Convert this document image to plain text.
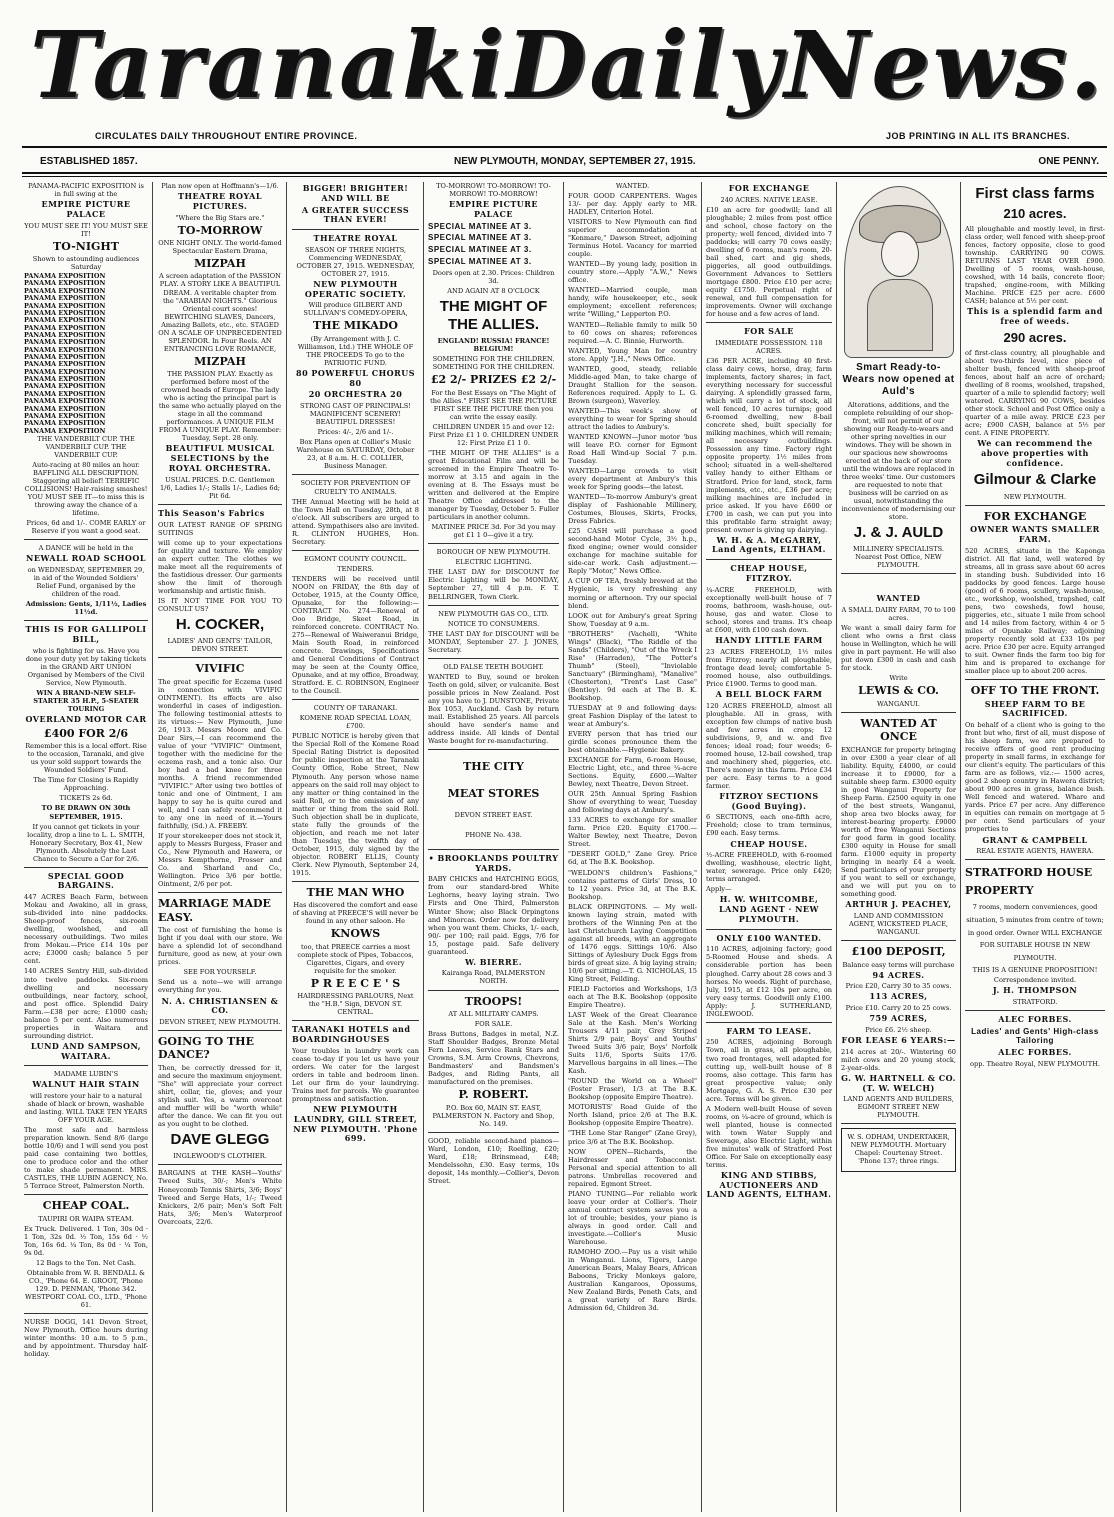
Taranaki Daily News.
CIRCULATES DAILY THROUGHOUT ENTIRE PROVINCE.	JOB PRINTING IN ALL ITS BRANCHES.
ESTABLISHED 1857.	NEW PLYMOUTH, MONDAY, SEPTEMBER 27, 1915.	ONE PENNY.

PANAMA-PACIFIC EXPOSITION is in full swing at the

EMPIRE PICTURE PALACE

YOU MUST SEE IT! YOU MUST SEE IT!

TO-NIGHT

Shown to astounding audiences Saturday

PANAMA EXPOSITION
PANAMA EXPOSITION
PANAMA EXPOSITION
PANAMA EXPOSITION
PANAMA EXPOSITION
PANAMA EXPOSITION
PANAMA EXPOSITION
PANAMA EXPOSITION
PANAMA EXPOSITION
PANAMA EXPOSITION
PANAMA EXPOSITION
PANAMA EXPOSITION
PANAMA EXPOSITION
PANAMA EXPOSITION
PANAMA EXPOSITION
PANAMA EXPOSITION
PANAMA EXPOSITION
PANAMA EXPOSITION
PANAMA EXPOSITION
PANAMA EXPOSITION
PANAMA EXPOSITION
PANAMA EXPOSITION

THE VANDERBILT CUP. THE VANDERBILT CUP. THE VANDERBILT CUP.

Auto-racing at 80 miles an hour. BAFFLING ALL DESCRIPTION. Staggering all belief! TERRIFIC COLLISIONS! Hair-raising smashes! YOU MUST SEE IT—to miss this is throwing away the chance of a lifetime.

Prices, 6d and 1/-. COME EARLY or Reserve if you want a good seat.

A DANCE will be held in the

NEWALL ROAD SCHOOL

on WEDNESDAY, SEPTEMBER 29, in aid of the Wounded Soldiers' Relief Fund, organised by the children of the road.

Admission: Gents, 1/11½, Ladies 11½d.

THIS IS FOR GALLIPOLI BILL,

who is fighting for us. Have you done your duty yet by taking tickets in the GRAND ART UNION Organised by Members of the Civil Service, New Plymouth.

WIN A BRAND-NEW SELF-STARTER 35 H.P., 5-SEATER TOURING

OVERLAND MOTOR CAR

£400 FOR 2/6

Remember this is a local effort. Rise to the occasion, Taranaki, and give us your sold support towards the Wounded Soldiers' Fund.

The Time for Closing is Rapidly Approaching.

TICKETS 2s 6d.

TO BE DRAWN ON 30th SEPTEMBER, 1915.

If you cannot get tickets in your locality, drop a line to L. L. SMITH, Honorary Secretary, Box 41, New Plymouth. Absolutely the Last Chance to Secure a Car for 2/6.

SPECIAL GOOD BARGAINS.

447 ACRES Beach Farm, between Mokau and Awakino, all in grass, sub-divided into nine paddocks. Sheep-proof fences, six-room dwelling, woolshed, and all necessary outbuildings. Two miles from Mokau.—Price £14 10s per acre; £3000 cash; balance 5 per cent.

140 ACRES Sentry Hill, sub-divided into twelve paddocks. Six-room dwelling and necessary outbuildings, near factory, school, and post office. Splendid Dairy Farm.—£38 per acre; £1000 cash; balance 5 per cent. Also numerous properties in Waitara and surrounding district.

LUND AND SAMPSON, WAITARA.

MADAME LUBIN'S

WALNUT HAIR STAIN

will restore your hair to a natural shade of black or brown, washable and lasting. WILL TAKE TEN YEARS OFF YOUR AGE.

The most safe and harmless preparation known. Send 8/6 (large bottle 10/6) and I will send you post paid case containing two bottles, one to produce color and the other to make shade permanent. MRS. CASTLES, THE LUBIN AGENCY, No. 5 Terrace Street, Palmerston North.

CHEAP COAL.

TAUPIRI OR WAIPA STEAM.

Ex Truck. Delivered. 1 Ton, 30s 0d · 1 Ton, 32s 0d. ½ Ton, 15s 6d · ½ Ton, 16s 6d. ¼ Ton, 8s 0d · ¼ Ton, 9s 0d.

12 Bags to the Ton. Net Cash.

Obtainable from W. R. BENDALL & CO., 'Phone 64. E. GROOT, 'Phone 129. D. PENMAN, 'Phone 342. WESTPORT COAL CO., LTD., 'Phone 61.

NURSE DOGG, 141 Devon Street, New Plymouth. Office hours during winter months: 10 a.m. to 5 p.m., and by appointment. Thursday half-holiday.

Plan now open at Hoffmann's—1/6.

THEATRE ROYAL PICTURES.

"Where the Big Stars are."

TO-MORROW

ONE NIGHT ONLY. The world-famed Spectacular Eastern Drama,

MIZPAH

A screen adaptation of the PASSION PLAY. A STORY LIKE A BEAUTIFUL DREAM. A veritable chapter from the "ARABIAN NIGHTS." Glorious Oriental court scenes! BEWITCHING SLAVES, Dancers, Amazing Ballets, etc., etc. STAGED ON A SCALE OF UNPRECEDENTED SPLENDOR. In Four Reels. AN ENTRANCING LOVE ROMANCE,

MIZPAH

THE PASSION PLAY. Exactly as performed before most of the crowned heads of Europe. The lady who is acting the principal part is the same who actually played on the stage in all the command performances. A UNIQUE FILM FROM A UNIQUE PLAY. Remember: Tuesday, Sept. 28 only.

BEAUTIFUL MUSICAL SELECTIONS by the ROYAL ORCHESTRA.

USUAL PRICES. D.C. Gentlemen 1/6, Ladies 1/-; Stalls 1/-, Ladies 6d; Pit 6d.

This Season's Fabrics

OUR LATEST RANGE OF SPRING SUITINGS

will come up to your expectations for quality and texture. We employ an expert cutter. The clothes we make meet all the requirements of the fastidious dresser. Our garments show the limit of thorough workmanship and artistic finish.

IS IT NOT TIME FOR YOU TO CONSULT US?

H. COCKER,

LADIES' AND GENTS' TAILOR, DEVON STREET.

VIVIFIC

The great specific for Eczema (used in connection with VIVIFIC OINTMENT). Its effects are also wonderful in cases of indigestion. The following testimonial attests to its virtues:— New Plymouth, June 26, 1913. Messrs Moore and Co. Dear Sirs,—I can recommend the value of your "VIVIFIC" Ointment, together with the medicine for the eczema rash, and a tonic also. Our boy had a bad knee for three months. A friend recommended "VIVIFIC." After using two bottles of tonic and one of Ointment, I am happy to say he is quite cured and well, and I can safely recommend it to any one in need of it.—Yours faithfully, (Sd.) A. FREEBY.

If your storekeeper does not stock it, apply to Messrs Burgess, Fraser and Co., New Plymouth and Hawera, or Messrs Kempthorne, Prosser and Co. and Sharland and Co., Wellington. Price 3/6 per bottle. Ointment, 2/6 per pot.

MARRIAGE MADE EASY.

The cost of furnishing the home is light if you deal with our store. We have a splendid lot of secondhand furniture, good as new, at your own prices.

SEE FOR YOURSELF.

Send us a note—we will arrange everything for you.

N. A. CHRISTIANSEN & CO.

DEVON STREET, NEW PLYMOUTH.

GOING TO THE DANCE?

Then, be correctly dressed for it, and secure the maximum enjoyment. "She" will appreciate your correct shirt, collar, tie, gloves; and your stylish suit. Yes, a warm overcoat and muffler will be "worth while" after the dance. We can fit you out as you ought to be clothed.

DAVE GLEGG

INGLEWOOD'S CLOTHIER.

BARGAINS at THE KASH—Youths' Tweed Suits, 30/-; Men's White Honeycomb Tennis Shirts, 3/6; Boys' Tweed and Serge Hats, 1/-; Tweed Knickers, 2/6 pair; Men's Soft Felt Hats, 3/6; Men's Waterproof Overcoats, 22/6.

BIGGER! BRIGHTER! AND WILL BE

A GREATER SUCCESS THAN EVER!

THEATRE ROYAL

SEASON OF THREE NIGHTS, Commencing WEDNESDAY, OCTOBER 27, 1915. WEDNESDAY, OCTOBER 27, 1915.

NEW PLYMOUTH OPERATIC SOCIETY.

Will produce GILBERT AND SULLIVAN'S COMEDY-OPERA,

THE MIKADO

(By Arrangement with J. C. Williamson, Ltd.) THE WHOLE OF THE PROCEEDS To go to the PATRIOTIC FUND.

80 POWERFUL CHORUS 80

20 ORCHESTRA 20

STRONG CAST OF PRINCIPALS! MAGNIFICENT SCENERY! BEAUTIFUL DRESSES!

Prices: 4/-, 2/6 and 1/-.

Box Plans open at Collier's Music Warehouse on SATURDAY, October 23, at 8 a.m. H. C. COLLIER, Business Manager.

SOCIETY FOR PREVENTION OF CRUELTY TO ANIMALS.

THE Annual Meeting will be held at the Town Hall on Tuesday, 28th, at 8 o'clock. All subscribers are urged to attend. Sympathisers also are invited. R. CLINTON HUGHES, Hon. Secretary.

EGMONT COUNTY COUNCIL.

TENDERS.

TENDERS will be received until NOON on FRIDAY, the 8th day of October, 1915, at the County Office, Opunake, for the following:— CONTRACT No. 274—Renewal of Ooo Bridge, Skeet Road, in reinforced concrete. CONTRACT No. 275—Renewal of Waiweranui Bridge, Main South Road, in reinforced concrete. Drawings, Specifications and General Conditions of Contract may be seen at the County Office, Opunake, and at my office, Broadway, Stratford. E. C. ROBINSON, Engineer to the Council.

COUNTY OF TARANAKI.

KOMENE ROAD SPECIAL LOAN, £700.

PUBLIC NOTICE is hereby given that the Special Roll of the Komene Road Special Rating District is deposited for public inspection at the Taranaki County Office, Robe Street, New Plymouth. Any person whose name appears on the said roll may object to any matter or thing contained in the said Roll, or to the omission of any matter or thing from the said Roll. Such objection shall be in duplicate, state fully the grounds of the objection, and reach me not later than Tuesday, the twelfth day of October, 1915, duly signed by the objector. ROBERT ELLIS, County Clerk. New Plymouth, September 24, 1915.

THE MAN WHO

Has discovered the comfort and ease of shaving at PREECE'S will never be found in any other saloon. He

KNOWS

too, that PREECE carries a most complete stock of Pipes, Tobaccos, Cigarettes, Cigars, and every requisite for the smoker.

P R E E C E ' S

HAIRDRESSING PARLOURS, Next the "H.B." Sign, DEVON ST. CENTRAL.

TARANAKI HOTELS and BOARDINGHOUSES

Your troubles in laundry work can cease to-day if you let us have your orders. We cater for the largest orders in table and bedroom linen. Let our firm do your laundrying. Trains met for parcels. We guarantee promptness and satisfaction.

NEW PLYMOUTH LAUNDRY, GILL STREET, NEW PLYMOUTH. 'Phone 699.

TO-MORROW! TO-MORROW! TO-MORROW! TO-MORROW!

EMPIRE PICTURE PALACE

SPECIAL MATINEE AT 3.

SPECIAL MATINEE AT 3.

SPECIAL MATINEE AT 3.

SPECIAL MATINEE AT 3.

Doors open at 2.30. Prices: Children 3d.

AND AGAIN AT 8 O'CLOCK

THE MIGHT OF THE ALLIES.

ENGLAND! RUSSIA! FRANCE! BELGIUM!

SOMETHING FOR THE CHILDREN. SOMETHING FOR THE CHILDREN.

£2 2/- PRIZES £2 2/-

For the Best Essays on "The Might of the Allies." FIRST SEE THE PICTURE FIRST SEE THE PICTURE then you can write the essay easily.

CHILDREN UNDER 15 and over 12: First Prize £1 1 0. CHILDREN UNDER 12: First Prize £1 1 0.

"THE MIGHT OF THE ALLIES" is a great Educational Film and will be screened in the Empire Theatre To-morrow at 3.15 and again in the evening at 8. The Essays must be written and delivered at the Empire Theatre Office addressed to the manager by Tuesday, October 5. Fuller particulars in another column.

MATINEE PRICE 3d. For 3d you may get £1 1 0—give it a try.

BOROUGH OF NEW PLYMOUTH.

ELECTRIC LIGHTING.

THE LAST DAY for DISCOUNT for Electric Lighting will be MONDAY, September 27, till 4 p.m. F. T. BELLRINGER, Town Clerk.

NEW PLYMOUTH GAS CO., LTD.

NOTICE TO CONSUMERS.

THE LAST DAY for DISCOUNT will be MONDAY, September 27. J. JONES, Secretary.

OLD FALSE TEETH BOUGHT.

WANTED to Buy, sound or broken Teeth on gold, silver, or vulcanite. Best possible prices in New Zealand. Post any you have to J. DUNSTONE, Private Box 1053, Auckland. Cash by return mail. Established 25 years. All parcels should have sender's name and address inside. All kinds of Dental Waste bought for re-manufacturing.

THE CITY

MEAT STORES

DEVON STREET EAST.

PHONE No. 438.

• BROOKLANDS POULTRY YARDS.

BABY CHICKS and HATCHING EGGS, from our standard-bred White Leghorns, heavy laying strain. Two Firsts and One Third, Palmerston Winter Show; also Black Orpingtons and Minorcas. Order now for delivery when you want them. Chicks, 1/- each, 90/- per 100; rail paid. Eggs, 7/6 for 15, postage paid. Safe delivery guaranteed.

W. BIERRE.

Kairanga Road, PALMERSTON NORTH.

TROOPS!

AT ALL MILITARY CAMPS.

FOR SALE.

Brass Buttons, Badges in metal, N.Z. Staff Shoulder Badges, Bronze Metal Fern Leaves, Service Rank Stars and Crowns, S.M. Arm Crowns, Chevrons, Bandmasters' and Bandsmen's Badges, and Riding Pants, all manufactured on the premises.

P. ROBERT.

P.O. Box 60, MAIN ST. EAST, PALMERSTON N. Factory and Shop, No. 149.

GOOD, reliable second-hand pianos—Ward, London, £10; Roelling, £20; Ward, £18; Brinsmead, £48; Mendelssohn, £30. Easy terms, 10s deposit, 14s monthly.—Collier's, Devon Street.

WANTED.

FOUR GOOD CARPENTERS. Wages 13/- per day. Apply early to MR. HADLEY, Criterion Hotel.

VISITORS to New Plymouth can find superior accommodation at "Kenmare," Dawson Street, adjoining Terminus Hotel. Vacancy for married couple.

WANTED—By young lady, position in country store.—Apply "A.W.," News office.

WANTED—Married couple, man handy, wife housekeeper, etc., seek employment; excellent references; write "Willing," Lepperton P.O.

WANTED—Reliable family to milk 50 to 60 cows on shares; references required.—A. C. Binnie, Hurworth.

WANTED, Young Man for country store. Apply "J.H.," News Office.

WANTED, good, steady, reliable Middle-aged Man, to take charge of Draught Stallion for the season. References required. Apply to L. G. Brown (surgeon), Waverley.

WANTED—This week's show of everything to wear for Spring should attract the ladies to Ambury's.

WANTED KNOWN—Junor motor 'bus will leave P.O. corner for Egmont Road Hall Wind-up Social 7 p.m. Tuesday.

WANTED—Large crowds to visit every department at Ambury's this week for Spring goods—the latest.

WANTED—To-morrow Ambury's great display of Fashionable Millinery, Costumes, Blouses, Skirts, Frocks, Dress Fabrics.

£25 CASH will purchase a good second-hand Motor Cycle, 3½ h.p., fixed engine; owner would consider exchange for machine suitable for side-car work. Cash adjustment.—Reply "Motor," News Office.

A CUP OF TEA, freshly brewed at the Hygienic, is very refreshing any morning or afternoon. Try our special blend.

LOOK out for Ambury's great Spring Show, Tuesday at 9 a.m.

"BROTHERS" (Vachell), "White Wings" (Black), "The Riddle of the Sands" (Childers), "Out of the Wreck I Rise" (Harraden), "The Potter's Thumb" (Steel), "Inviolable Sanctuary" (Birmingham), "Manalive" (Chesterton), "Trent's Last Case" (Bentley). 9d each at The B. K. Bookshop.

TUESDAY at 9 and following days: great Fashion Display of the latest to wear at Ambury's.

EVERY person that has tried our girdle scones pronounce them the best obtainable.—Hygienic Bakery.

EXCHANGE for Farm, 6-room House, Electric Light, etc., and three ¼-acre Sections. Equity, £600.—Walter Bewley, next Theatre, Devon Street.

OUR 25th Annual Spring Fashion Show of everything to wear, Tuesday and following days at Ambury's.

133 ACRES to exchange for smaller farm. Price £20. Equity £1700.—Walter Bewley, next Theatre, Devon Street.

"DESERT GOLD," Zane Grey. Price 6d, at The B.K. Bookshop.

"WELDON'S children's Fashions," contains patterns of Girls' Dress, 10 to 12 years. Price 3d, at The B.K. Bookshop.

BLACK ORPINGTONS. — My well-known laying strain, mated with brothers of the Winning Pen at the last Christchurch Laying Competition against all breeds, with an aggregate of 1476 eggs. Sittings 10/6. Also Sittings of Aylesbury Duck Eggs from birds of great size. A big laying strain; 10/6 per sitting.—T. G. NICHOLAS, 15 King Street, Feilding.

FIELD Factories and Workshops, 1/3 each at The B.K. Bookshop (opposite Empire Theatre).

LAST Week of the Great Clearance Sale at the Kash. Men's Working Trousers 4/11 pair, Grey Striped Shirts 2/9 pair, Boys' and Youths' Tweed Suits 3/6 pair, Boys' Norfolk Suits 11/6, Sports Suits 17/6. Marvellous bargains in all lines.—The Kash.

"ROUND the World on a Wheel" (Foster Fraser), 1/3 at The B.K. Bookshop (opposite Empire Theatre).

MOTORISTS' Road Guide of the North Island, price 2/6 at The B.K. Bookshop (opposite Empire Theatre).

"THE Lone Star Ranger" (Zane Grey), price 3/6 at The B.K. Bookshop.

NOW OPEN—Richards, the Hairdresser and Tobacconist. Personal and special attention to all patrons. Umbrellas recovered and repaired. Egmont Street.

PIANO TUNING—For reliable work leave your order at Collier's. Their annual contract system saves you a lot of trouble; besides, your piano is always in good order. Call and investigate.—Collier's Music Warehouse.

RAMOHO ZOO.—Pay us a visit while in Wanganui. Lions, Tigers, Large American Bears, Malay Bears, African Baboons, Tricky Monkeys galore, Australian Kangaroos, Opossums, New Zealand Birds, Peneth Cats, and a great variety of Rare Birds. Admission 6d, Children 3d.

FOR EXCHANGE

240 ACRES. NATIVE LEASE.

£10 an acre for goodwill; land all ploughable; 2 miles from post office and school, chose factory on the property; well fenced, divided into 7 paddocks; will carry 70 cows easily; dwelling of 6 rooms, man's room, 20-bail shed, cart and gig sheds, piggeries, all good outbuildings. Government Advances to Settlers mortgage £800. Price £10 per acre; equity £1750. Perpetual right of renewal, and full compensation for improvements. Owner will exchange for house and a few acres of land.

FOR SALE

IMMEDIATE POSSESSION. 118 ACRES.

£36 PER ACRE, including 40 first-class dairy cows, horse, dray, farm implements, factory shares; in fact, everything necessary for successful dairying. A splendidly grassed farm, which will carry a lot of stock, all well fenced, 10 acres turnips; good 6-roomed dwelling, new 8-bail concrete shed, built specially for milking machines, which will remain; all necessary outbuildings. Possession any time. Factory right opposite property. 1½ miles from school; situated in a well-sheltered valley handy to either Eltham or Stratford. Price for land, stock, farm implements, etc., etc., £36 per acre; milking machines are included in price asked. If you have £600 or £700 in cash, we can put you into this profitable farm straight away; present owner is giving up dairying.

W. H. & A. McGARRY, Land Agents, ELTHAM.

CHEAP HOUSE, FITZROY.

¼-ACRE FREEHOLD, with exceptionally well-built house of 7 rooms, bathroom, wash-house, out-house, gas and water. Close to school, stores and trams. It's cheap at £600, with £100 cash down.

HANDY LITTLE FARM

23 ACRES FREEHOLD, 1½ miles from Fitzroy; nearly all ploughable, frontage dead level; comfortable 5-roomed house, also outbuildings. Price £1900. Terms to good man.

A BELL BLOCK FARM

120 ACRES FREEHOLD, almost all ploughable. All in grass, with exception few clumps of native bush and few acres in crops; 12 subdivisions, 9, and w. and five fences; ideal road; four weeds; 6-roomed house, 12-bail cowshed, trap and machinery shed, piggeries, etc. There's money in this farm. Price £34 per acre. Easy terms to a good farmer.

FITZROY SECTIONS (Good Buying).

6 SECTIONS, each one-fifth acre, Freehold; close to tram terminus, £90 each. Easy terms.

CHEAP HOUSE.

½-ACRE FREEHOLD, with 6-roomed dwelling, washhouse, electric light, water, sewerage. Price only £420; terms arranged.

Apply—

H. W. WHITCOMBE, LAND AGENT · NEW PLYMOUTH.

ONLY £100 WANTED.

110 ACRES, adjoining factory; good 5-Roomed House and sheds. A considerable portion has been ploughed. Carry about 28 cows and 3 horses. No weeds. Right of purchase, July, 1915, at £12 10s per acre, on very easy terms. Goodwill only £100. Apply: J. SUTHERLAND, INGLEWOOD.

FARM TO LEASE.

250 ACRES, adjoining Borough Town, all in grass, all ploughable, two road frontages, well adapted for cutting up, well-built house of 8 rooms, also cottage. This farm has great prospective value; only Mortgage, G. A. S. Price £30 per acre. Terms will be given.

A Modern well-built House of seven rooms, on ¼-acre of ground, which is well planted, house is connected with town Water Supply and Sewerage, also Electric Light, within five minutes' walk of Stratford Post Office. For Sale on exceptionally easy terms.

KING AND STIBBS, AUCTIONEERS AND LAND AGENTS, ELTHAM.

Smart Ready-to-Wears now opened at Auld's

Alterations, additions, and the complete rebuilding of our shop-front, will not permit of our showing our Ready-to-wears and other spring novelties in our windows. They will be shown in our spacious new showrooms erected at the back of our store until the windows are replaced in three weeks' time. Our customers are requested to note that business will be carried on as usual, notwithstanding the inconvenience of modernising our store.

J. & J. AULD

MILLINERY SPECIALISTS. Nearest Post Office, NEW PLYMOUTH.

WANTED

A SMALL DAIRY FARM, 70 to 100 acres.

We want a small dairy farm for client who owns a first class house in Wellington, which he will give in part payment. He will also put down £300 in cash and cash for stock.

Write

LEWIS & CO.

WANGANUI.

WANTED AT ONCE

EXCHANGE for property bringing in over £300 a year clear of all liability. Equity, £4000, or could increase it to £9000, for a suitable sheep farm. £3000 equity in good Wanganui Property for Sheep Farm. £2500 equity in one of the best streets, Wanganui, shop area two blocks away, for interest-bearing property. £9000 worth of free Wanganui Sections for good farm in good locality. £300 equity in House for small farm. £1000 equity in property bringing in nearly £4 a week. Send particulars of your property if you want to sell or exchange, and we will put you on to something good.

ARTHUR J. PEACHEY,

LAND AND COMMISSION AGENT, WICKSTEED PLACE, WANGANUI.

£100 DEPOSIT,

Balance easy terms will purchase

94 ACRES.

Price £20, Carry 30 to 35 cows.

113 ACRES,

Price £10. Carry 20 to 25 cows.

759 ACRES,

Price £6. 2½ sheep.

FOR LEASE 6 YEARS:—

214 acres at 20/-. Wintering 60 milch cows and 20 young stock, 2-year-olds.

G. W. HARTNELL & CO. (T. W. WELCH)

LAND AGENTS AND BUILDERS, EGMONT STREET NEW PLYMOUTH.

W. S. ODHAM, UNDERTAKER, NEW PLYMOUTH. Mortuary Chapel: Courtenay Street. 'Phone 137; three rings.

First class farms

210 acres.

All ploughable and mostly level, in first-class order, well fenced with sheep-proof fences, factory opposite, close to good township. CARRYING 90 COWS. RETURNS LAST YEAR OVER £900. Dwelling of 5 rooms, wash-house, cowshed, with 14 bails, concrete floor; trapshed, engine-room, with Milking Machine. PRICE £25 per acre. £600 CASH; balance at 5½ per cent.

This is a splendid farm and free of weeds.

290 acres.

of first-class country, all ploughable and about two-thirds level, nice piece of shelter bush, fenced with sheep-proof fences, about half an acre of orchard; dwelling of 8 rooms, woolshed, trapshed, quarter of a mile to splendid factory; well watered. CARRYING 90 COWS, besides other stock. School and Post Office only a quarter of a mile away. PRICE £23 per acre; £900 CASH, balance at 5½ per cent. A FINE PROPERTY.

We can recommend the above properties with confidence.

Gilmour & Clarke

NEW PLYMOUTH.

FOR EXCHANGE

OWNER WANTS SMALLER FARM.

520 ACRES, situate in the Kaponga district. All flat land, well watered by streams, all in grass save about 60 acres in standing bush. Subdivided into 16 paddocks by good fences. Large house (good) of 6 rooms, scullery, wash-house, etc., workshop, woolshed, trapshed, calf pens, two cowsheds, fowl house, piggeries, etc., situate 1 mile from school and 14 miles from factory, within 4 or 5 miles of Opunake Railway; adjoining property recently sold at £33 10s per acre. Price £30 per acre. Equity arranged to suit. Owner finds the farm too big for him and is prepared to exchange for smaller place up to about 200 acres.

OFF TO THE FRONT.

SHEEP FARM TO BE SACRIFICED.

On behalf of a client who is going to the front but who, first of all, must dispose of his sheep farm, we are prepared to receive offers of good rent producing property in small farms, in exchange for our client's equity. The particulars of this farm are as follows, viz.:— 1500 acres, good 2 sheep country in Hawera district; about 900 acres in grass, balance bush. Well fenced and watered. Whare and yards. Price £7 per acre. Any difference in equities can remain on mortgage at 5 per cent. Send particulars of your properties to

GRANT & CAMPBELL

REAL ESTATE AGENTS, HAWERA.

STRATFORD HOUSE PROPERTY

7 rooms, modern conveniences, good situation, 5 minutes from centre of town; in good order. Owner WILL EXCHANGE FOR SUITABLE HOUSE IN NEW PLYMOUTH.

THIS IS A GENUINE PROPOSITION!

Correspondence invited.

J. H. THOMPSON

STRATFORD.

ALEC FORBES.

Ladies' and Gents' High-class Tailoring

ALEC FORBES.

opp. Theatre Royal, NEW PLYMOUTH.
